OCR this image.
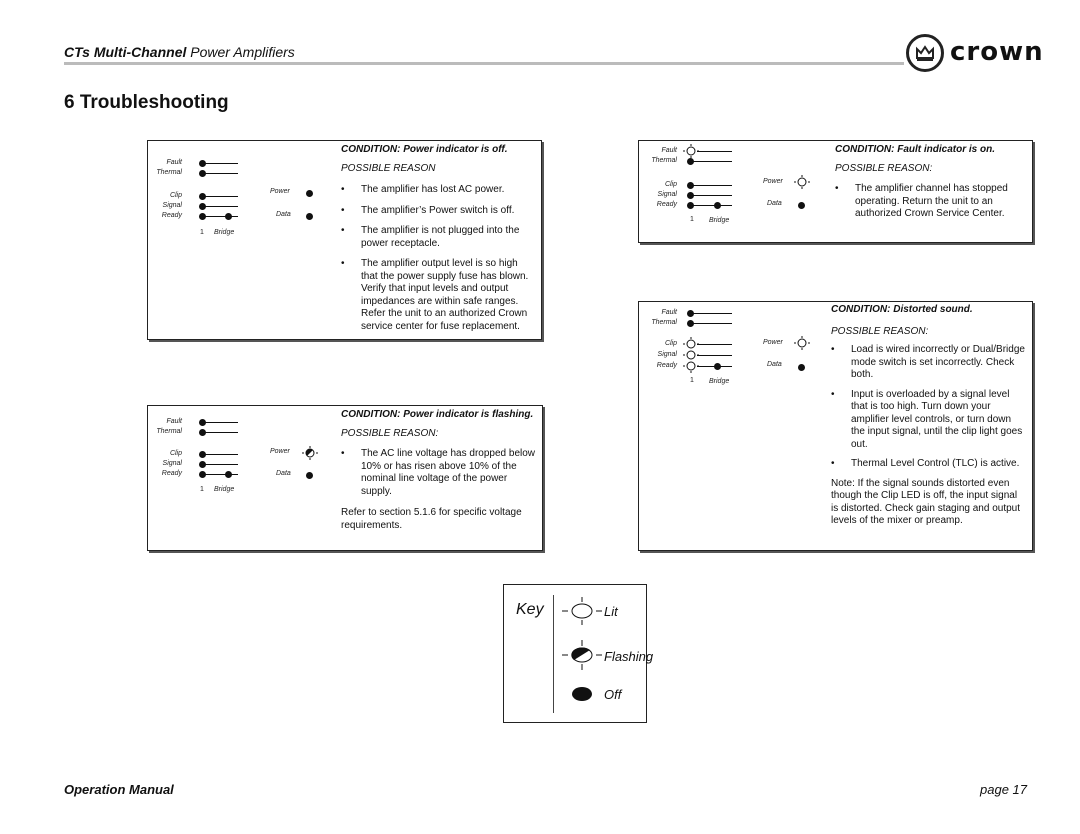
CTs Multi-Channel Power Amplifiers	crown
6 Troubleshooting
Fault
Thermal
Clip
Signal
Ready
1 Bridge
Power
Data
CONDITION: Power indicator is off.
POSSIBLE REASON
• The amplifier has lost AC power.
• The amplifier’s Power switch is off.
• The amplifier is not plugged into the power receptacle.
• The amplifier output level is so high that the power supply fuse has blown. Verify that input levels and output impedances are within safe ranges. Refer the unit to an authorized Crown service center for fuse replacement.
Fault
Thermal
Clip
Signal
Ready
1 Bridge
Power
Data
CONDITION: Power indicator is flashing.
POSSIBLE REASON:
• The AC line voltage has dropped below 10% or has risen above 10% of the nominal line voltage of the power supply.
Refer to section 5.1.6 for specific voltage requirements.
Fault
Thermal
Clip
Signal
Ready
1 Bridge
Power
Data
CONDITION: Fault indicator is on.
POSSIBLE REASON:
• The amplifier channel has stopped operating. Return the unit to an authorized Crown Service Center.
Fault
Thermal
Clip
Signal
Ready
1 Bridge
Power
Data
CONDITION: Distorted sound.
POSSIBLE REASON:
• Load is wired incorrectly or Dual/Bridge mode switch is set incorrectly. Check both.
• Input is overloaded by a signal level that is too high. Turn down your amplifier level controls, or turn down the input signal, until the clip light goes out.
• Thermal Level Control (TLC) is active.
Note: If the signal sounds distorted even though the Clip LED is off, the input signal is distorted. Check gain staging and output levels of the mixer or preamp.
Key	Lit
Flashing
Off
Operation Manual	page 17
